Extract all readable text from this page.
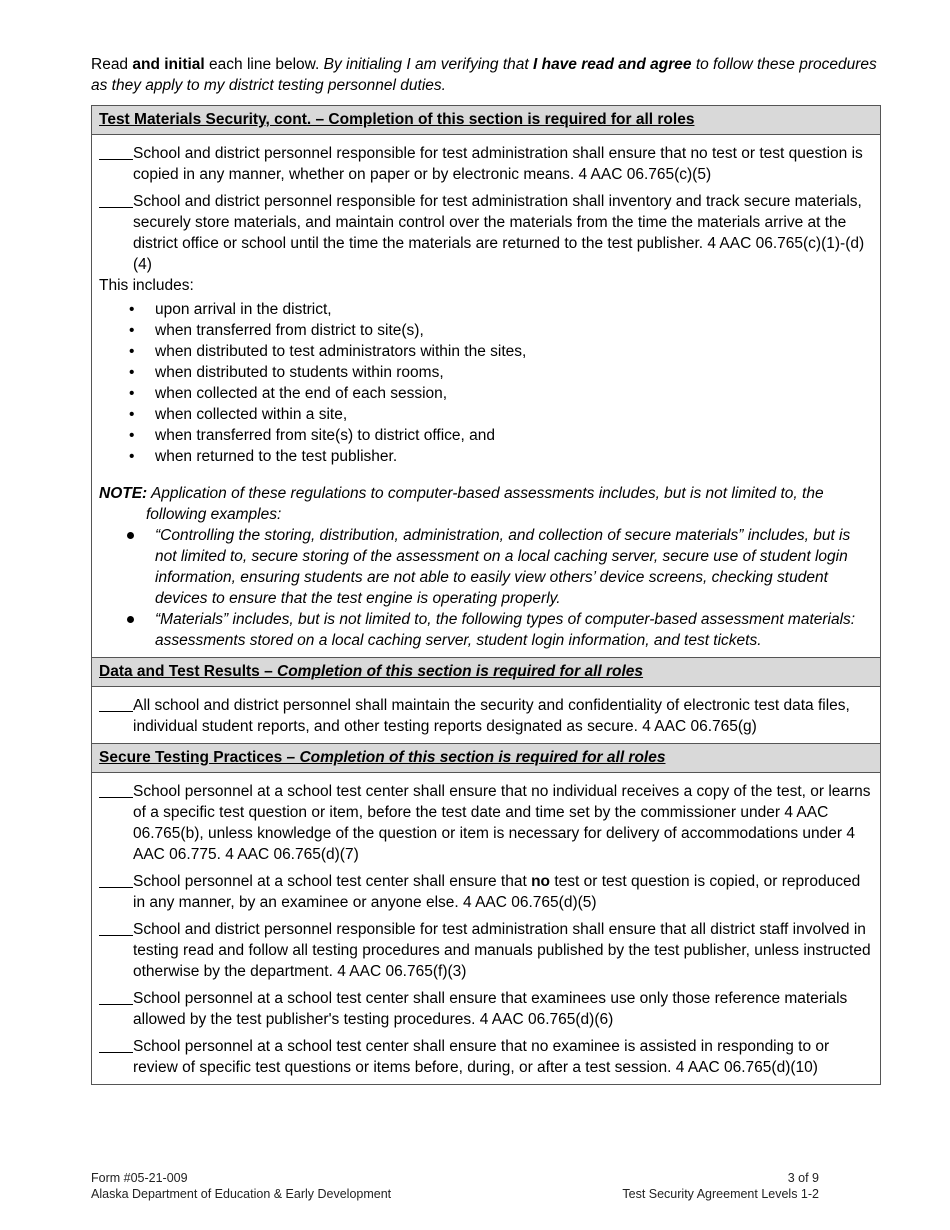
Read and initial each line below. By initialing I am verifying that I have read and agree to follow these procedures as they apply to my district testing personnel duties.

Test Materials Security, cont. – Completion of this section is required for all roles
School and district personnel responsible for test administration shall ensure that no test or test question is copied in any manner, whether on paper or by electronic means. 4 AAC 06.765(c)(5)
School and district personnel responsible for test administration shall inventory and track secure materials, securely store materials, and maintain control over the materials from the time the materials arrive at the district office or school until the time the materials are returned to the test publisher. 4 AAC 06.765(c)(1)-(d)(4)
This includes:
• upon arrival in the district,
• when transferred from district to site(s),
• when distributed to test administrators within the sites,
• when distributed to students within rooms,
• when collected at the end of each session,
• when collected within a site,
• when transferred from site(s) to district office, and
• when returned to the test publisher.
NOTE: Application of these regulations to computer-based assessments includes, but is not limited to, the following examples:
“Controlling the storing, distribution, administration, and collection of secure materials” includes, but is not limited to, secure storing of the assessment on a local caching server, secure use of student login information, ensuring students are not able to easily view others’ device screens, checking student devices to ensure that the test engine is operating properly.
“Materials” includes, but is not limited to, the following types of computer-based assessment materials: assessments stored on a local caching server, student login information, and test tickets.
Data and Test Results – Completion of this section is required for all roles
All school and district personnel shall maintain the security and confidentiality of electronic test data files, individual student reports, and other testing reports designated as secure. 4 AAC 06.765(g)
Secure Testing Practices – Completion of this section is required for all roles
School personnel at a school test center shall ensure that no individual receives a copy of the test, or learns of a specific test question or item, before the test date and time set by the commissioner under 4 AAC 06.765(b), unless knowledge of the question or item is necessary for delivery of accommodations under 4 AAC 06.775. 4 AAC 06.765(d)(7)
School personnel at a school test center shall ensure that no test or test question is copied, or reproduced in any manner, by an examinee or anyone else. 4 AAC 06.765(d)(5)
School and district personnel responsible for test administration shall ensure that all district staff involved in testing read and follow all testing procedures and manuals published by the test publisher, unless instructed otherwise by the department. 4 AAC 06.765(f)(3)
School personnel at a school test center shall ensure that examinees use only those reference materials allowed by the test publisher's testing procedures. 4 AAC 06.765(d)(6)
School personnel at a school test center shall ensure that no examinee is assisted in responding to or review of specific test questions or items before, during, or after a test session. 4 AAC 06.765(d)(10)
Form #05-21-009
Alaska Department of Education & Early Development
3 of 9
Test Security Agreement Levels 1-2
